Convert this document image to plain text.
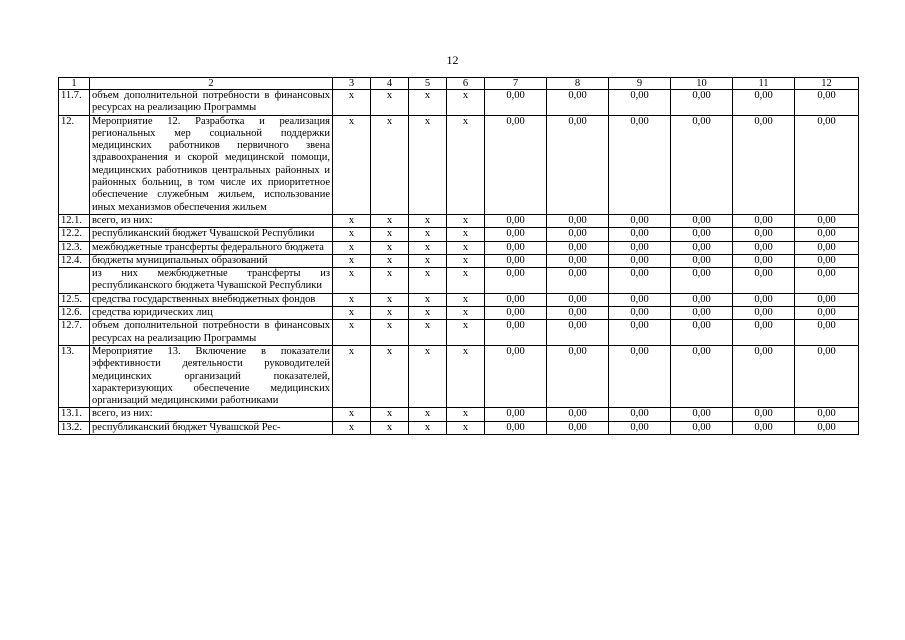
12
1	2	3	4	5	6	7	8	9	10	11	12
11.7.	объем дополнительной потребности в финансовых ресурсах на реализацию Программы	x	x	x	x	0,00	0,00	0,00	0,00	0,00	0,00
12.	Мероприятие 12. Разработка и реализация региональных мер социальной поддержки медицинских работников первичного звена здравоохранения и скорой медицинской помощи, медицинских работников центральных районных и районных больниц, в том числе их приоритетное обеспечение служебным жильем, использование иных механизмов обеспечения жильем	x	x	x	x	0,00	0,00	0,00	0,00	0,00	0,00
12.1.	всего, из них:	x	x	x	x	0,00	0,00	0,00	0,00	0,00	0,00
12.2.	республиканский бюджет Чувашской Республики	x	x	x	x	0,00	0,00	0,00	0,00	0,00	0,00
12.3.	межбюджетные трансферты федерального бюджета	x	x	x	x	0,00	0,00	0,00	0,00	0,00	0,00
12.4.	бюджеты муниципальных образований	x	x	x	x	0,00	0,00	0,00	0,00	0,00	0,00
	из них межбюджетные трансферты из республиканского бюджета Чувашской Республики	x	x	x	x	0,00	0,00	0,00	0,00	0,00	0,00
12.5.	средства государственных внебюджетных фондов	x	x	x	x	0,00	0,00	0,00	0,00	0,00	0,00
12.6.	средства юридических лиц	x	x	x	x	0,00	0,00	0,00	0,00	0,00	0,00
12.7.	объем дополнительной потребности в финансовых ресурсах на реализацию Программы	x	x	x	x	0,00	0,00	0,00	0,00	0,00	0,00
13.	Мероприятие 13. Включение в показатели эффективности деятельности руководителей медицинских организаций показателей, характеризующих обеспечение медицинских организаций медицинскими работниками	x	x	x	x	0,00	0,00	0,00	0,00	0,00	0,00
13.1.	всего, из них:	x	x	x	x	0,00	0,00	0,00	0,00	0,00	0,00
13.2.	республиканский бюджет Чувашской Рес-	x	x	x	x	0,00	0,00	0,00	0,00	0,00	0,00
